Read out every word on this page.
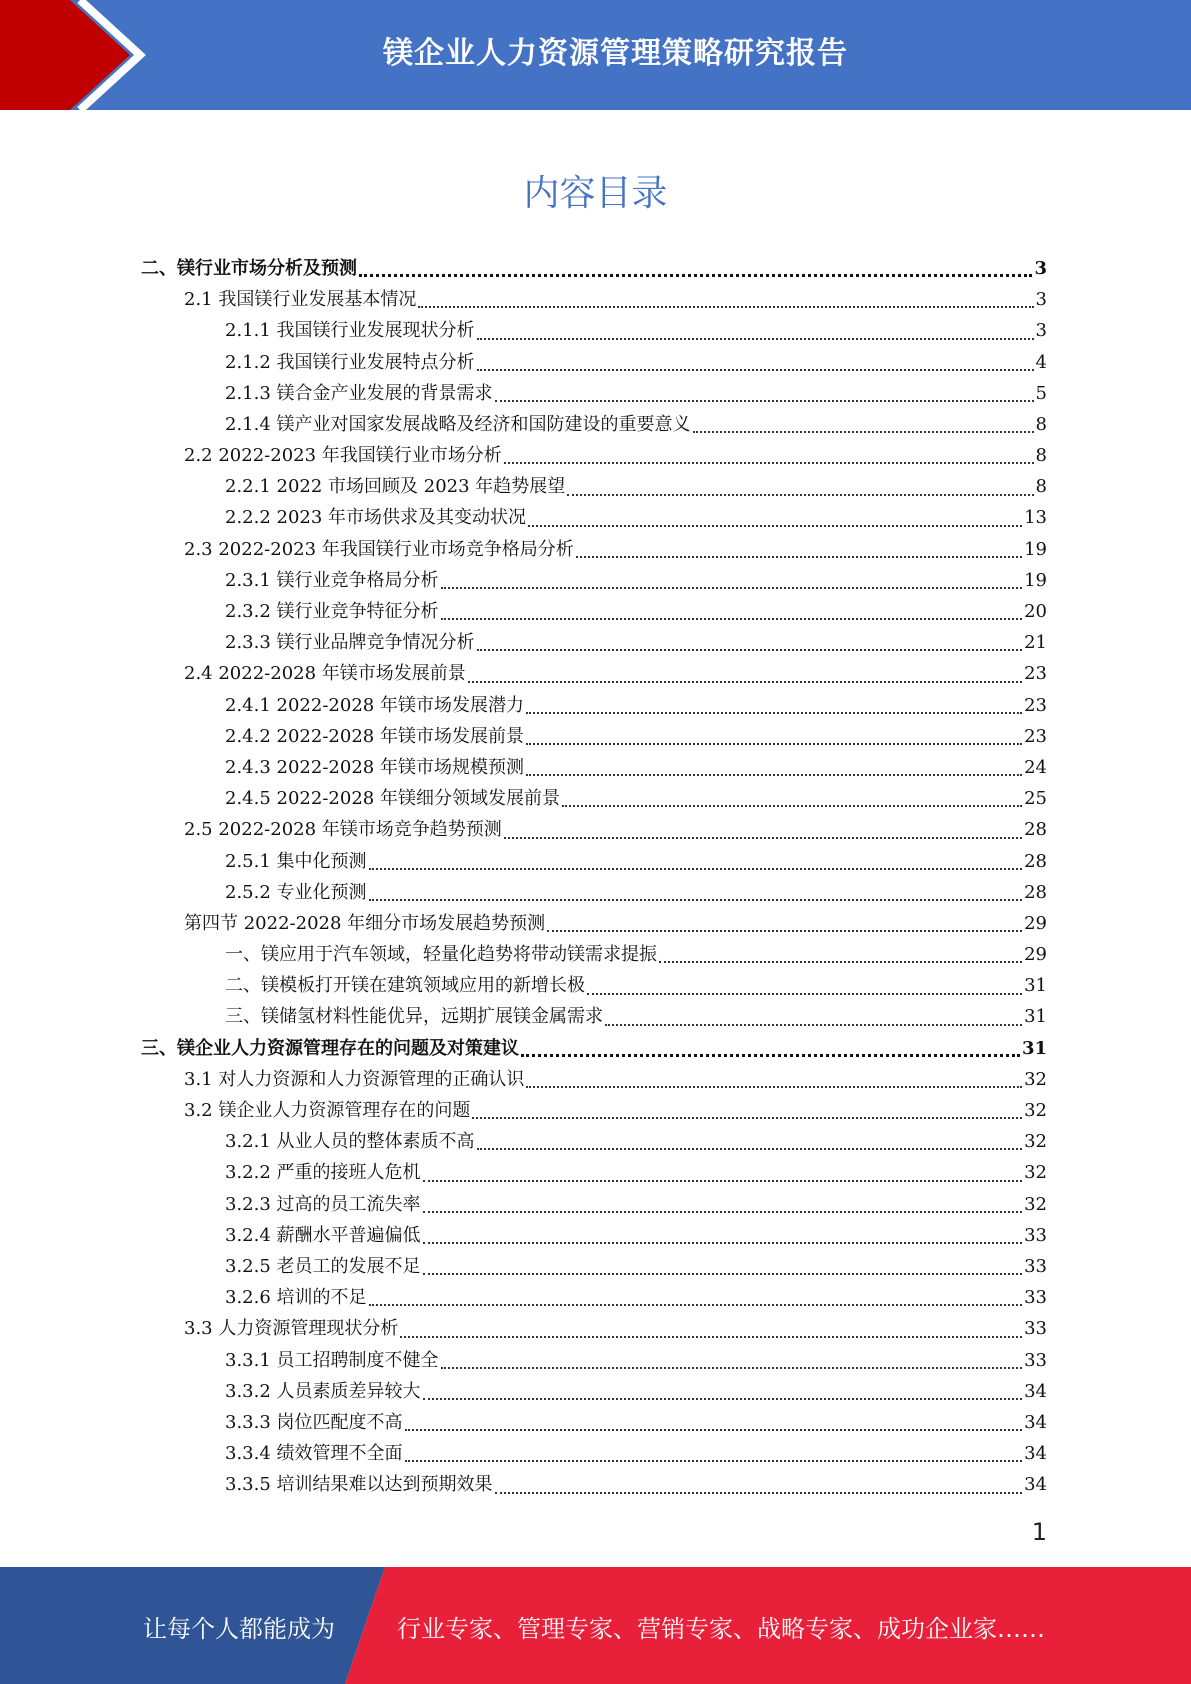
镁企业人力资源管理策略研究报告
内容目录
二、镁行业市场分析及预测	3
2.1 我国镁行业发展基本情况	3
2.1.1 我国镁行业发展现状分析	3
2.1.2 我国镁行业发展特点分析	4
2.1.3 镁合金产业发展的背景需求	5
2.1.4 镁产业对国家发展战略及经济和国防建设的重要意义	8
2.2 2022-2023 年我国镁行业市场分析	8
2.2.1 2022 市场回顾及 2023 年趋势展望	8
2.2.2 2023 年市场供求及其变动状况	13
2.3 2022-2023 年我国镁行业市场竞争格局分析	19
2.3.1 镁行业竞争格局分析	19
2.3.2 镁行业竞争特征分析	20
2.3.3 镁行业品牌竞争情况分析	21
2.4 2022-2028 年镁市场发展前景	23
2.4.1 2022-2028 年镁市场发展潜力	23
2.4.2 2022-2028 年镁市场发展前景	23
2.4.3 2022-2028 年镁市场规模预测	24
2.4.5 2022-2028 年镁细分领域发展前景	25
2.5 2022-2028 年镁市场竞争趋势预测	28
2.5.1 集中化预测	28
2.5.2 专业化预测	28
第四节 2022-2028 年细分市场发展趋势预测	29
一、镁应用于汽车领域，轻量化趋势将带动镁需求提振	29
二、镁模板打开镁在建筑领域应用的新增长极	31
三、镁储氢材料性能优异，远期扩展镁金属需求	31
三、镁企业人力资源管理存在的问题及对策建议	31
3.1 对人力资源和人力资源管理的正确认识	32
3.2 镁企业人力资源管理存在的问题	32
3.2.1 从业人员的整体素质不高	32
3.2.2 严重的接班人危机	32
3.2.3 过高的员工流失率	32
3.2.4 薪酬水平普遍偏低	33
3.2.5 老员工的发展不足	33
3.2.6 培训的不足	33
3.3 人力资源管理现状分析	33
3.3.1 员工招聘制度不健全	33
3.3.2 人员素质差异较大	34
3.3.3 岗位匹配度不高	34
3.3.4 绩效管理不全面	34
3.3.5 培训结果难以达到预期效果	34
1
让每个人都能成为	行业专家、管理专家、营销专家、战略专家、成功企业家……
